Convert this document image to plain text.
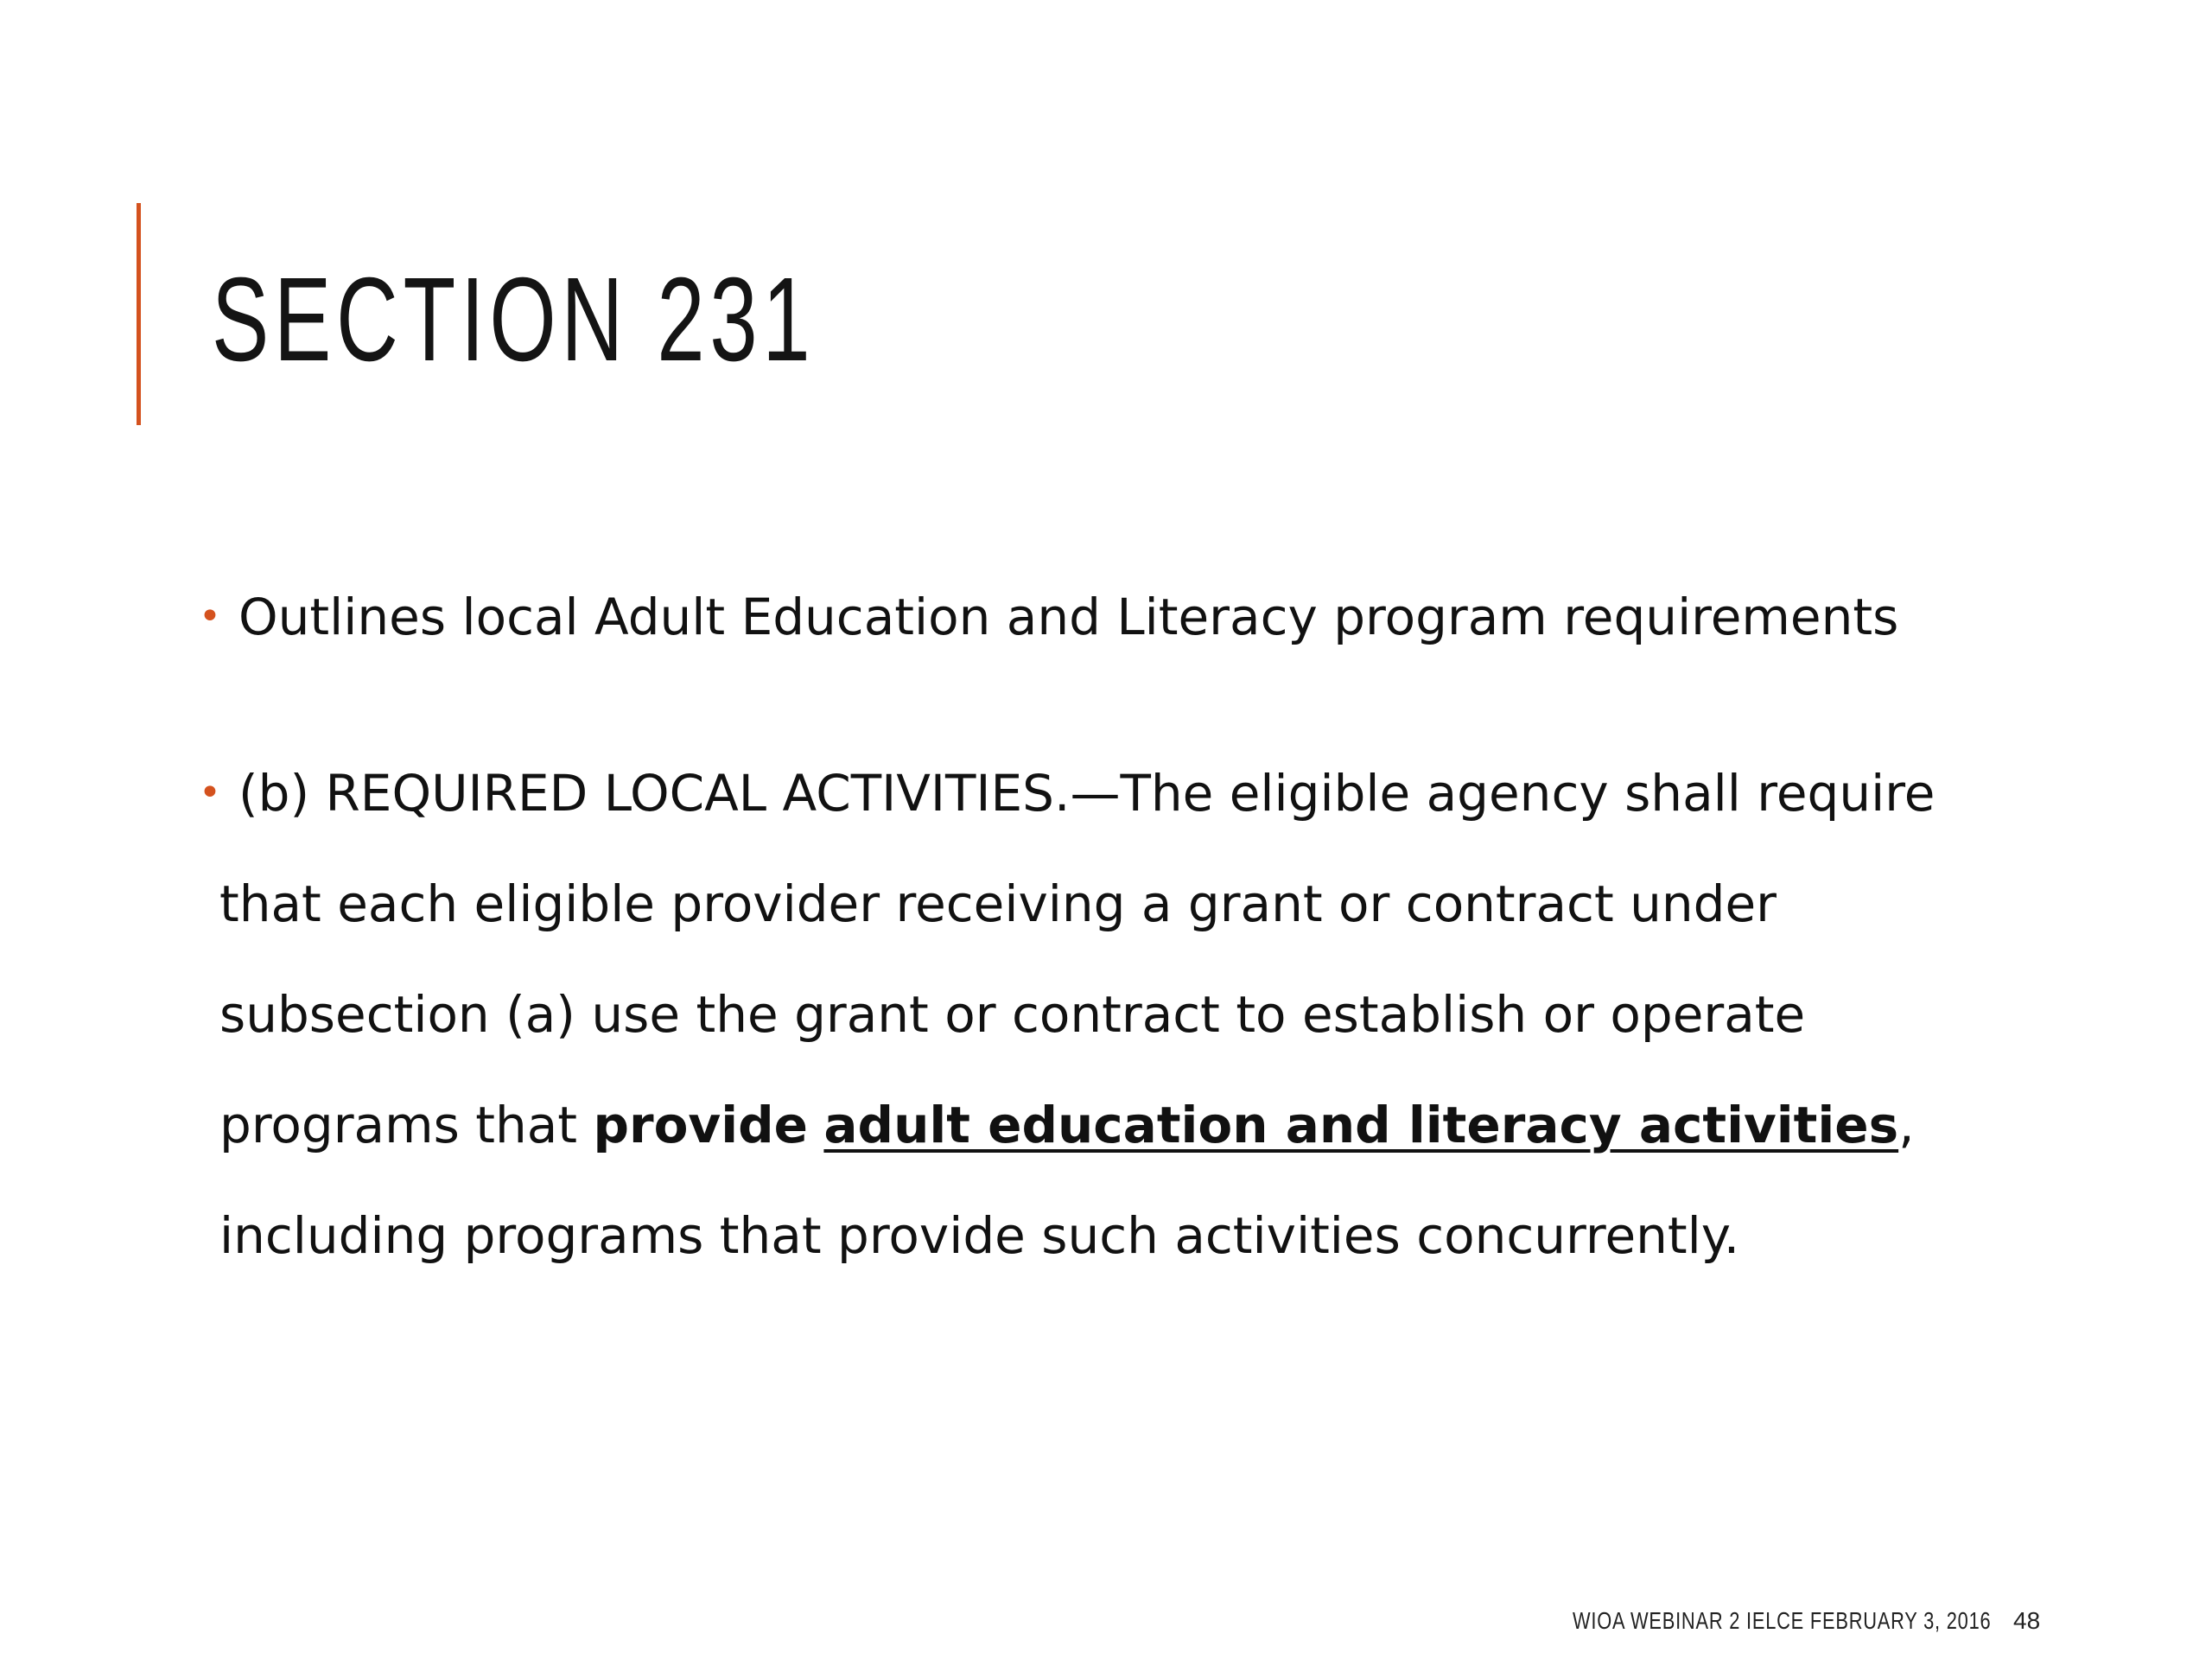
SECTION 231
• Outlines local Adult Education and Literacy program requirements
• (b) REQUIRED LOCAL ACTIVITIES.—The eligible agency shall require that each eligible provider receiving a grant or contract under subsection (a) use the grant or contract to establish or operate programs that provide adult education and literacy activities, including programs that provide such activities concurrently.
WIOA WEBINAR 2 IELCE FEBRUARY 3, 2016 48
